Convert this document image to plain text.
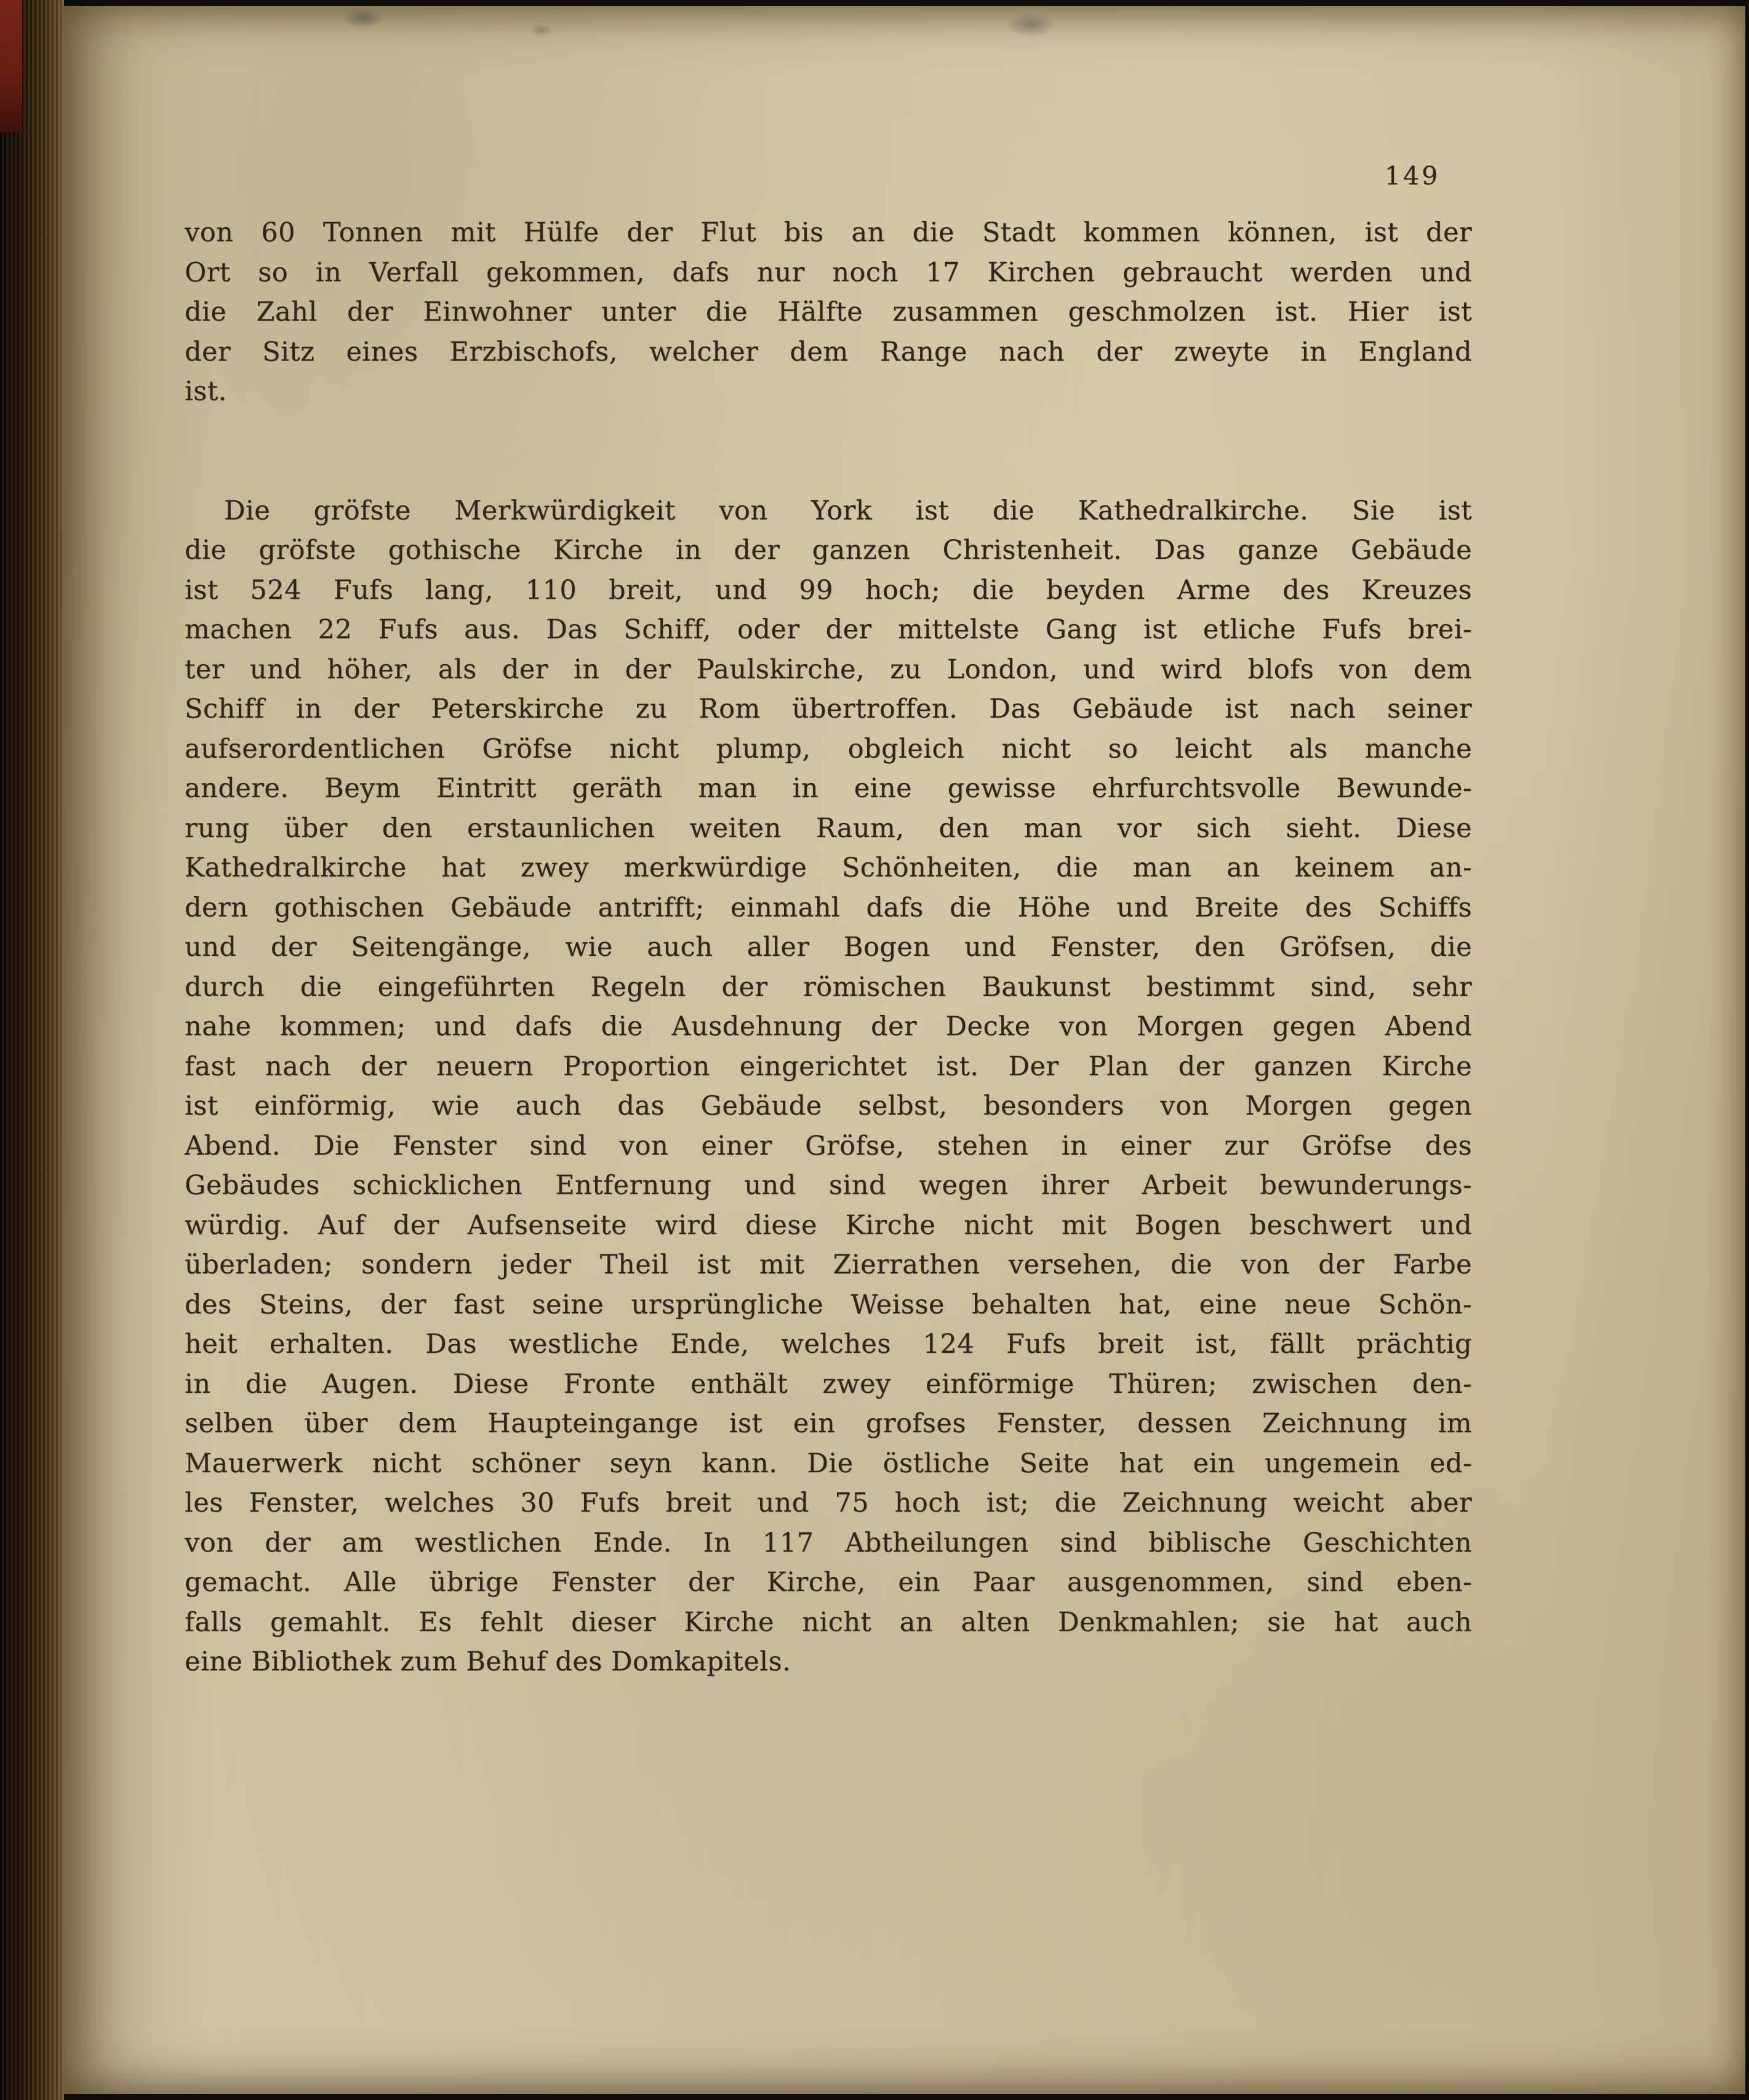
149
von 60 Tonnen mit Hülfe der Flut bis an die Stadt kommen können, ist der
Ort so in Verfall gekommen, dafs nur noch 17 Kirchen gebraucht werden und
die Zahl der Einwohner unter die Hälfte zusammen geschmolzen ist. Hier ist
der Sitz eines Erzbischofs, welcher dem Range nach der zweyte in England
ist.
Die gröfste Merkwürdigkeit von York ist die Kathedralkirche. Sie ist
die gröfste gothische Kirche in der ganzen Christenheit. Das ganze Gebäude
ist 524 Fufs lang, 110 breit, und 99 hoch; die beyden Arme des Kreuzes
machen 22 Fufs aus. Das Schiff, oder der mittelste Gang ist etliche Fufs brei-
ter und höher, als der in der Paulskirche, zu London, und wird blofs von dem
Schiff in der Peterskirche zu Rom übertroffen. Das Gebäude ist nach seiner
aufserordentlichen Gröfse nicht plump, obgleich nicht so leicht als manche
andere. Beym Eintritt geräth man in eine gewisse ehrfurchtsvolle Bewunde-
rung über den erstaunlichen weiten Raum, den man vor sich sieht. Diese
Kathedralkirche hat zwey merkwürdige Schönheiten, die man an keinem an-
dern gothischen Gebäude antrifft; einmahl dafs die Höhe und Breite des Schiffs
und der Seitengänge, wie auch aller Bogen und Fenster, den Gröfsen, die
durch die eingeführten Regeln der römischen Baukunst bestimmt sind, sehr
nahe kommen; und dafs die Ausdehnung der Decke von Morgen gegen Abend
fast nach der neuern Proportion eingerichtet ist. Der Plan der ganzen Kirche
ist einförmig, wie auch das Gebäude selbst, besonders von Morgen gegen
Abend. Die Fenster sind von einer Gröfse, stehen in einer zur Gröfse des
Gebäudes schicklichen Entfernung und sind wegen ihrer Arbeit bewunderungs-
würdig. Auf der Aufsenseite wird diese Kirche nicht mit Bogen beschwert und
überladen; sondern jeder Theil ist mit Zierrathen versehen, die von der Farbe
des Steins, der fast seine ursprüngliche Weisse behalten hat, eine neue Schön-
heit erhalten. Das westliche Ende, welches 124 Fufs breit ist, fällt prächtig
in die Augen. Diese Fronte enthält zwey einförmige Thüren; zwischen den-
selben über dem Haupteingange ist ein grofses Fenster, dessen Zeichnung im
Mauerwerk nicht schöner seyn kann. Die östliche Seite hat ein ungemein ed-
les Fenster, welches 30 Fufs breit und 75 hoch ist; die Zeichnung weicht aber
von der am westlichen Ende. In 117 Abtheilungen sind biblische Geschichten
gemacht. Alle übrige Fenster der Kirche, ein Paar ausgenommen, sind eben-
falls gemahlt. Es fehlt dieser Kirche nicht an alten Denkmahlen; sie hat auch
eine Bibliothek zum Behuf des Domkapitels.
